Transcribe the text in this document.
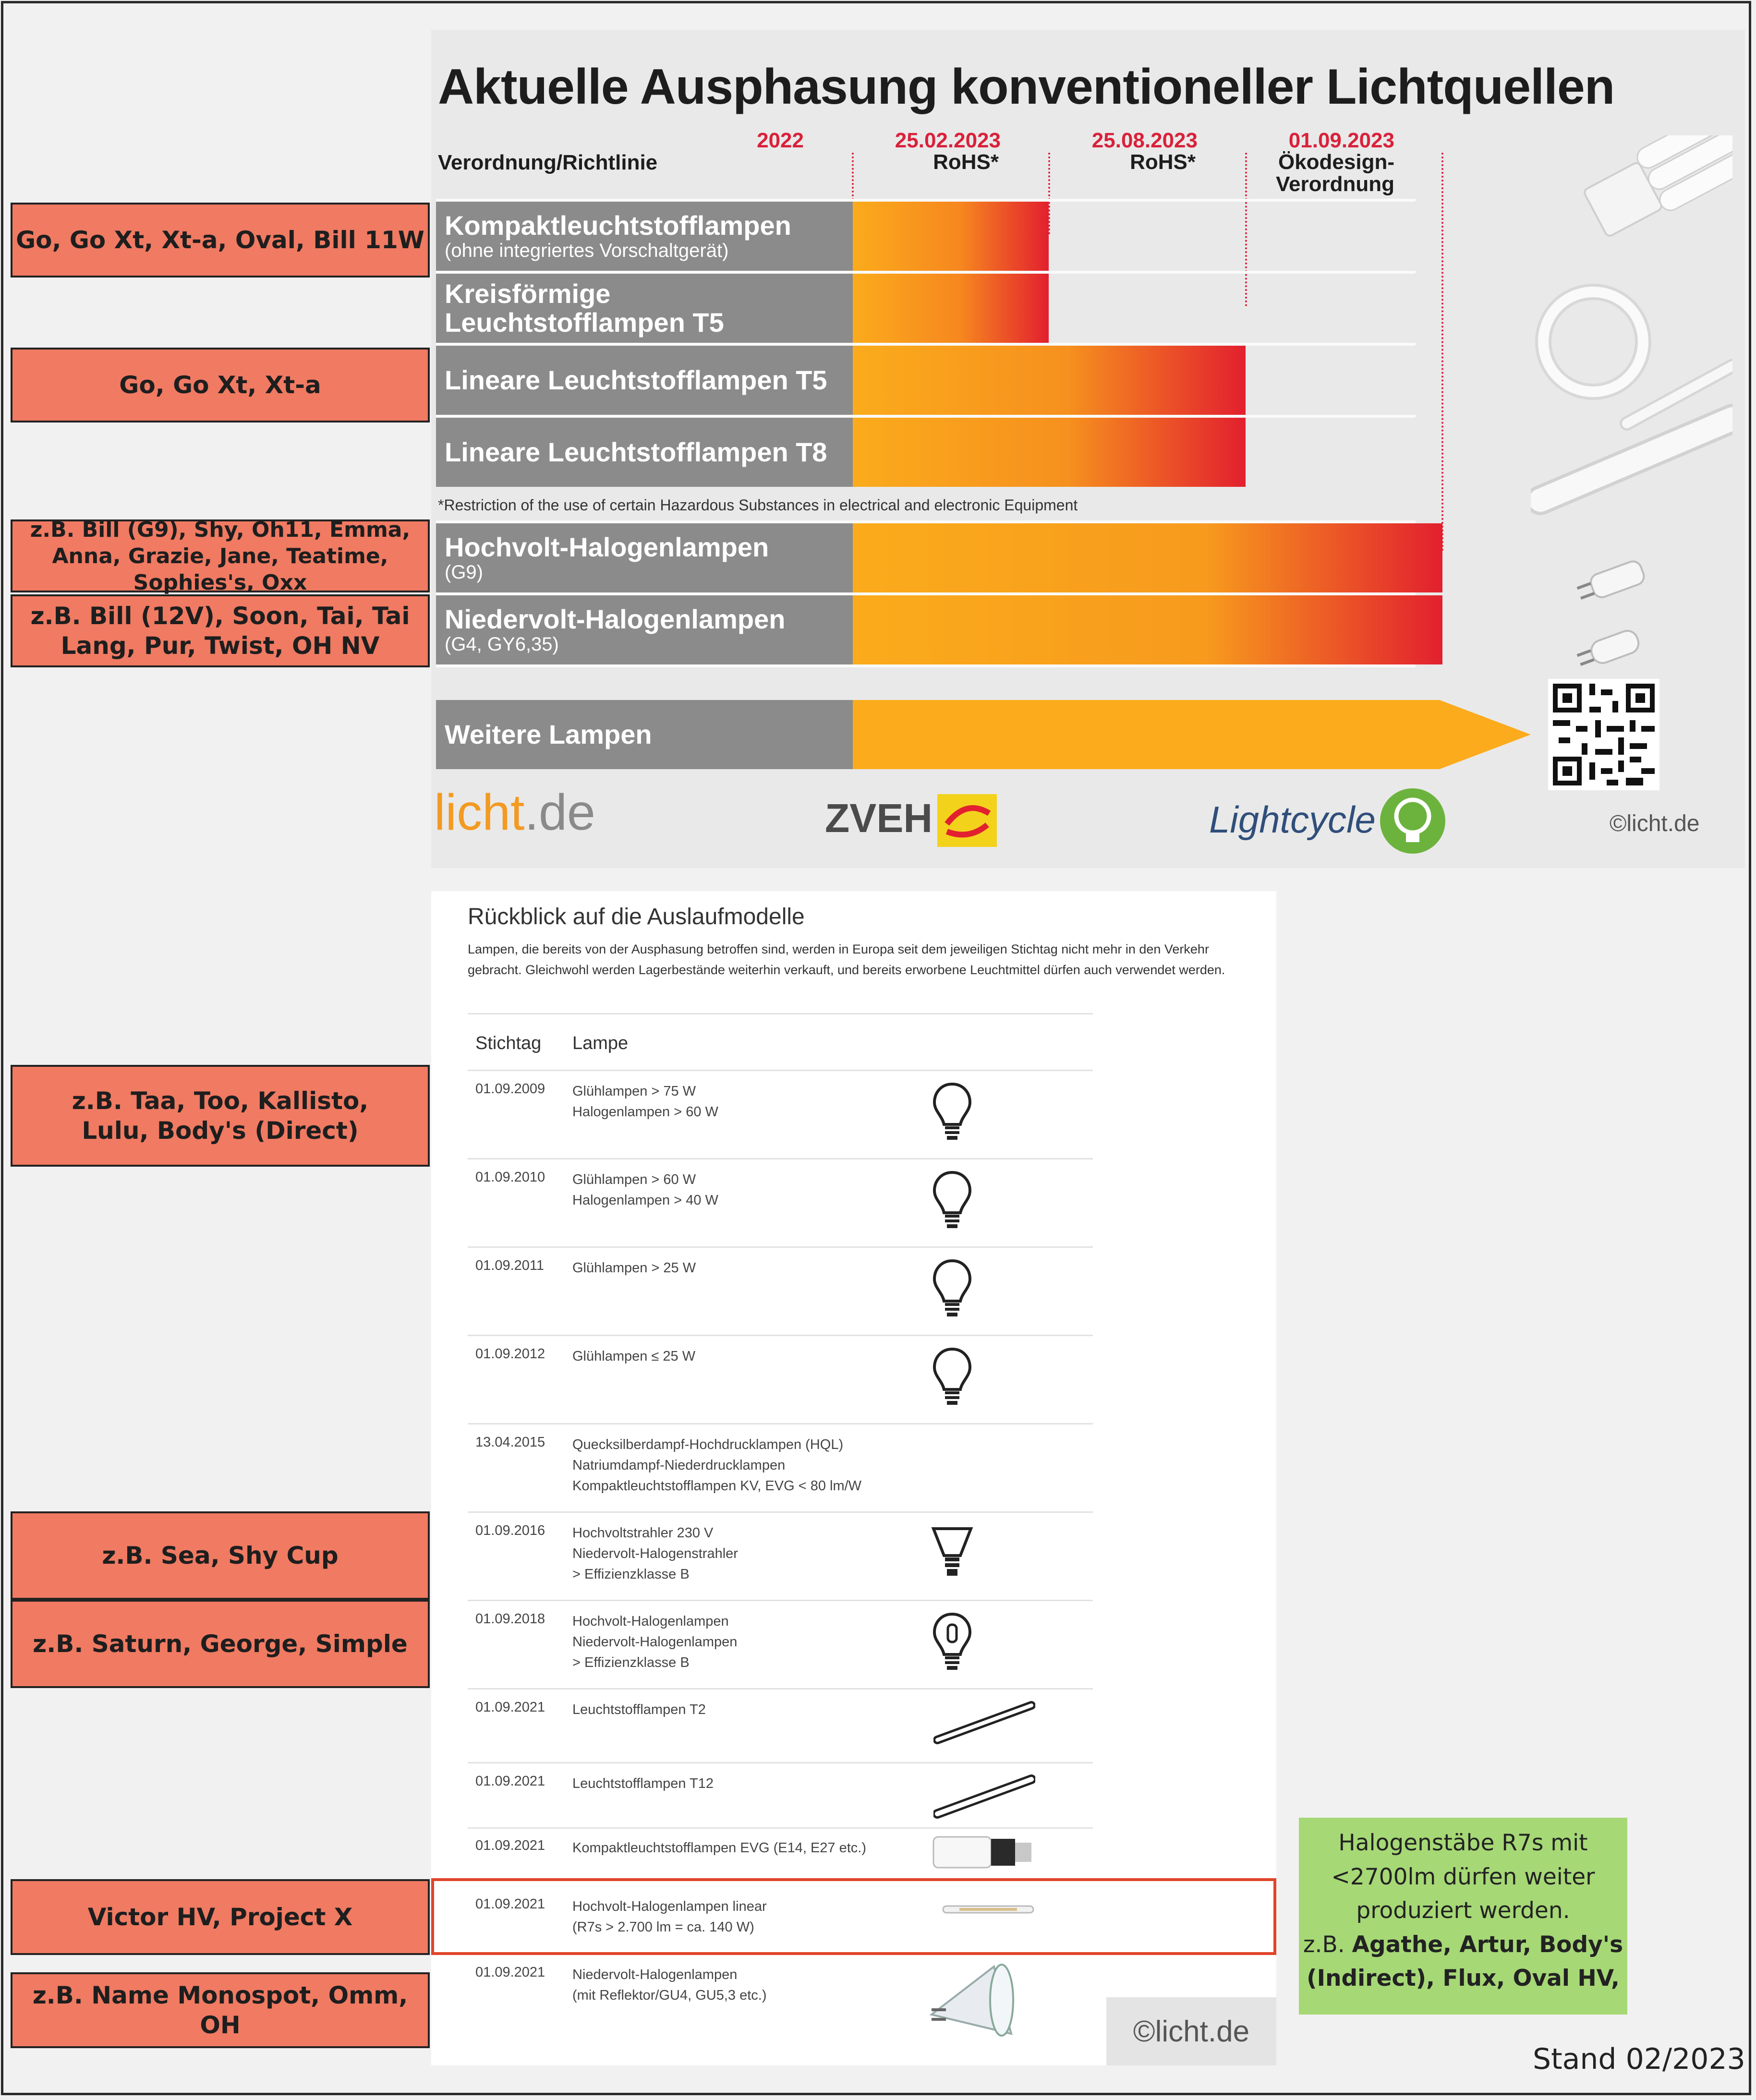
Go, Go Xt, Xt-a, Oval, Bill 11W
Go, Go Xt, Xt-a
z.B. Bill (G9), Shy, Oh11, Emma, Anna, Grazie, Jane, Teatime, Sophies's, Oxx
z.B. Bill (12V), Soon, Tai, Tai Lang, Pur, Twist, OH NV
z.B. Taa, Too, Kallisto, Lulu, Body's (Direct)
z.B. Sea, Shy Cup
z.B. Saturn, George, Simple
Victor HV, Project X
z.B. Name Monospot, Omm, OH
Aktuelle Ausphasung konventioneller Lichtquellen
Verordnung/Richtlinie
2022	25.02.2023
RoHS*
25.08.2023
RoHS*
01.09.2023
Ökodesign-
Verordnung
Kompaktleuchtstofflampen
(ohne integriertes Vorschaltgerät)
Kreisförmige
Leuchtstofflampen T5
Lineare Leuchtstofflampen T5
Lineare Leuchtstofflampen T8
*Restriction of the use of certain Hazardous Substances in electrical and electronic Equipment
Hochvolt-Halogenlampen
(G9)
Niedervolt-Halogenlampen
(G4, GY6,35)
Weitere Lampen
licht.de	ZVEH	Lightcycle	©licht.de
Rückblick auf die Auslaufmodelle
Lampen, die bereits von der Ausphasung betroffen sind, werden in Europa seit dem jeweiligen Stichtag nicht mehr in den Verkehr gebracht. Gleichwohl werden Lagerbestände weiterhin verkauft, und bereits erworbene Leuchtmittel dürfen auch verwendet werden.
Stichtag Lampe
01.09.2009 Glühlampen > 75 W
Halogenlampen > 60 W
01.09.2010 Glühlampen > 60 W
Halogenlampen > 40 W
01.09.2011 Glühlampen > 25 W
01.09.2012 Glühlampen ≤ 25 W
13.04.2015 Quecksilberdampf-Hochdrucklampen (HQL)
Natriumdampf-Niederdrucklampen
Kompaktleuchtstofflampen KV, EVG < 80 lm/W
01.09.2016 Hochvoltstrahler 230 V
Niedervolt-Halogenstrahler
> Effizienzklasse B
01.09.2018 Hochvolt-Halogenlampen
Niedervolt-Halogenlampen
> Effizienzklasse B
01.09.2021 Leuchtstofflampen T2
01.09.2021 Leuchtstofflampen T12
01.09.2021 Kompaktleuchtstofflampen EVG (E14, E27 etc.)
01.09.2021 Hochvolt-Halogenlampen linear
(R7s > 2.700 lm = ca. 140 W)
01.09.2021 Niedervolt-Halogenlampen
(mit Reflektor/GU4, GU5,3 etc.)
©licht.de
Halogenstäbe R7s mit
<2700lm dürfen weiter
produziert werden.
z.B. Agathe, Artur, Body's (Indirect), Flux, Oval HV,
Stand 02/2023
